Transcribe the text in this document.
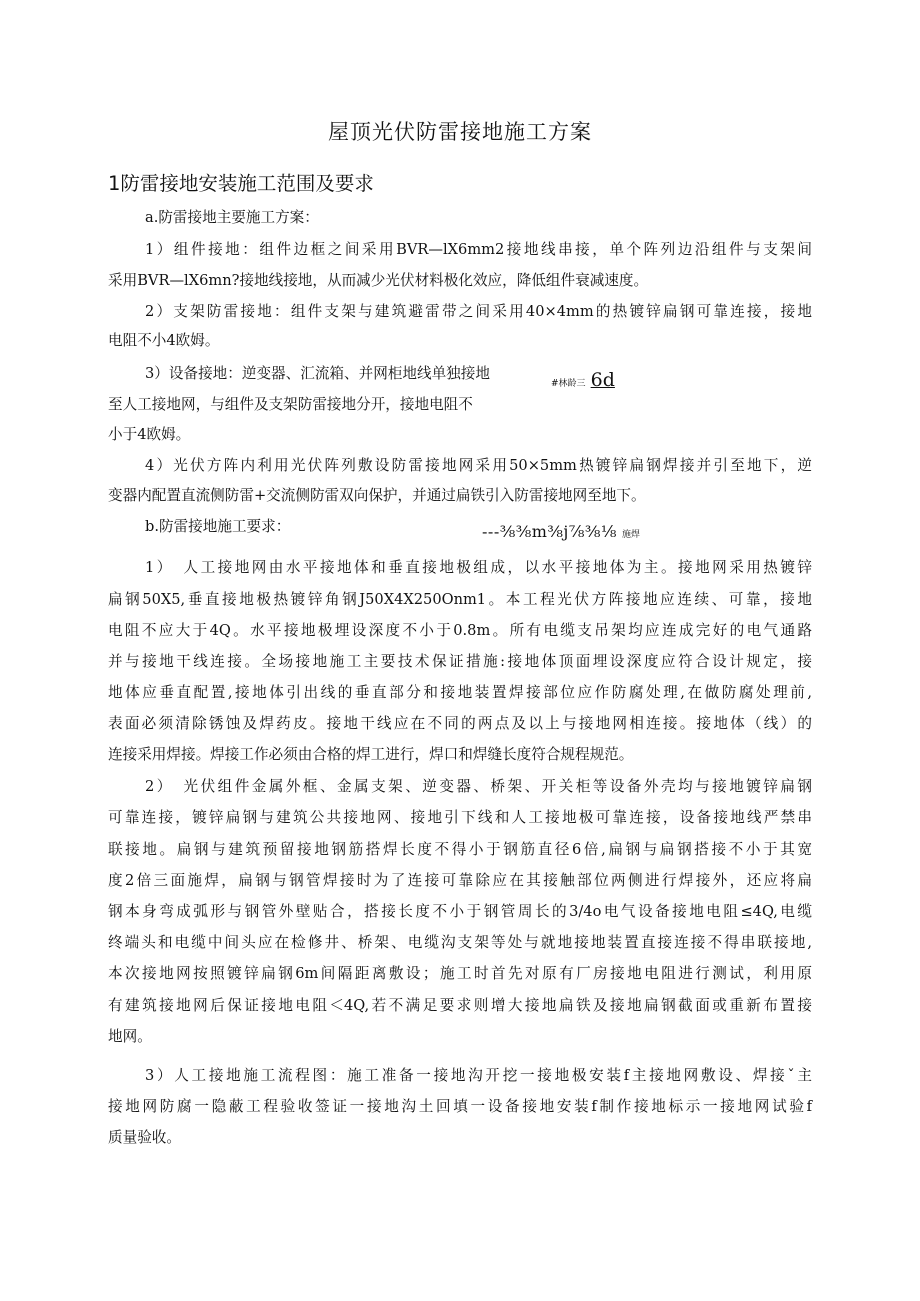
屋顶光伏防雷接地施工方案
1防雷接地安装施工范围及要求
a.防雷接地主要施工方案：
1）组件接地：组件边框之间采用BVR—lX6mm2接地线串接，单个阵列边沿组件与支架间
采用BVR—lX6mn?接地线接地，从而减少光伏材料极化效应，降低组件衰减速度。
2）支架防雷接地：组件支架与建筑避雷带之间采用40×4mm的热镀锌扁钢可靠连接，接地
电阻不小4欧姆。
3）设备接地：逆变器、汇流箱、并网柜地线单独接地
#林龄三 6d
至人工接地网，与组件及支架防雷接地分开，接地电阻不
小于4欧姆。
4）光伏方阵内利用光伏阵列敷设防雷接地网采用50×5mm热镀锌扁钢焊接并引至地下，逆
变器内配置直流侧防雷+交流侧防雷双向保护，并通过扁铁引入防雷接地网至地下。
b.防雷接地施工要求：	---⅜⅜m⅜j⅞⅜⅛ 施焊
1）　人工接地网由水平接地体和垂直接地极组成，以水平接地体为主。接地网采用热镀锌
扁钢50X5,垂直接地极热镀锌角钢J50X4X250Onm1。本工程光伏方阵接地应连续、可靠，接地
电阻不应大于4Q。水平接地极埋设深度不小于0.8m。所有电缆支吊架均应连成完好的电气通路
并与接地干线连接。全场接地施工主要技术保证措施:接地体顶面埋设深度应符合设计规定，接
地体应垂直配置,接地体引出线的垂直部分和接地装置焊接部位应作防腐处理,在做防腐处理前,
表面必须清除锈蚀及焊药皮。接地干线应在不同的两点及以上与接地网相连接。接地体（线）的
连接采用焊接。焊接工作必须由合格的焊工进行，焊口和焊缝长度符合规程规范。
2）　光伏组件金属外框、金属支架、逆变器、桥架、开关柜等设备外壳均与接地镀锌扁钢
可靠连接，镀锌扁钢与建筑公共接地网、接地引下线和人工接地极可靠连接，设备接地线严禁串
联接地。扁钢与建筑预留接地钢筋搭焊长度不得小于钢筋直径6倍,扁钢与扁钢搭接不小于其宽
度2倍三面施焊，扁钢与钢管焊接时为了连接可靠除应在其接触部位两侧进行焊接外，还应将扁
钢本身弯成弧形与钢管外壁贴合，搭接长度不小于钢管周长的3/4o电气设备接地电阻≤4Q,电缆
终端头和电缆中间头应在检修井、桥架、电缆沟支架等处与就地接地装置直接连接不得串联接地,
本次接地网按照镀锌扁钢6m间隔距离敷设；施工时首先对原有厂房接地电阻进行测试，利用原
有建筑接地网后保证接地电阻＜4Q,若不满足要求则增大接地扁铁及接地扁钢截面或重新布置接
地网。
3）人工接地施工流程图：施工准备一接地沟开挖一接地极安装f主接地网敷设、焊接ˇ主
接地网防腐一隐蔽工程验收签证一接地沟土回填一设备接地安装f制作接地标示一接地网试验f
质量验收。
